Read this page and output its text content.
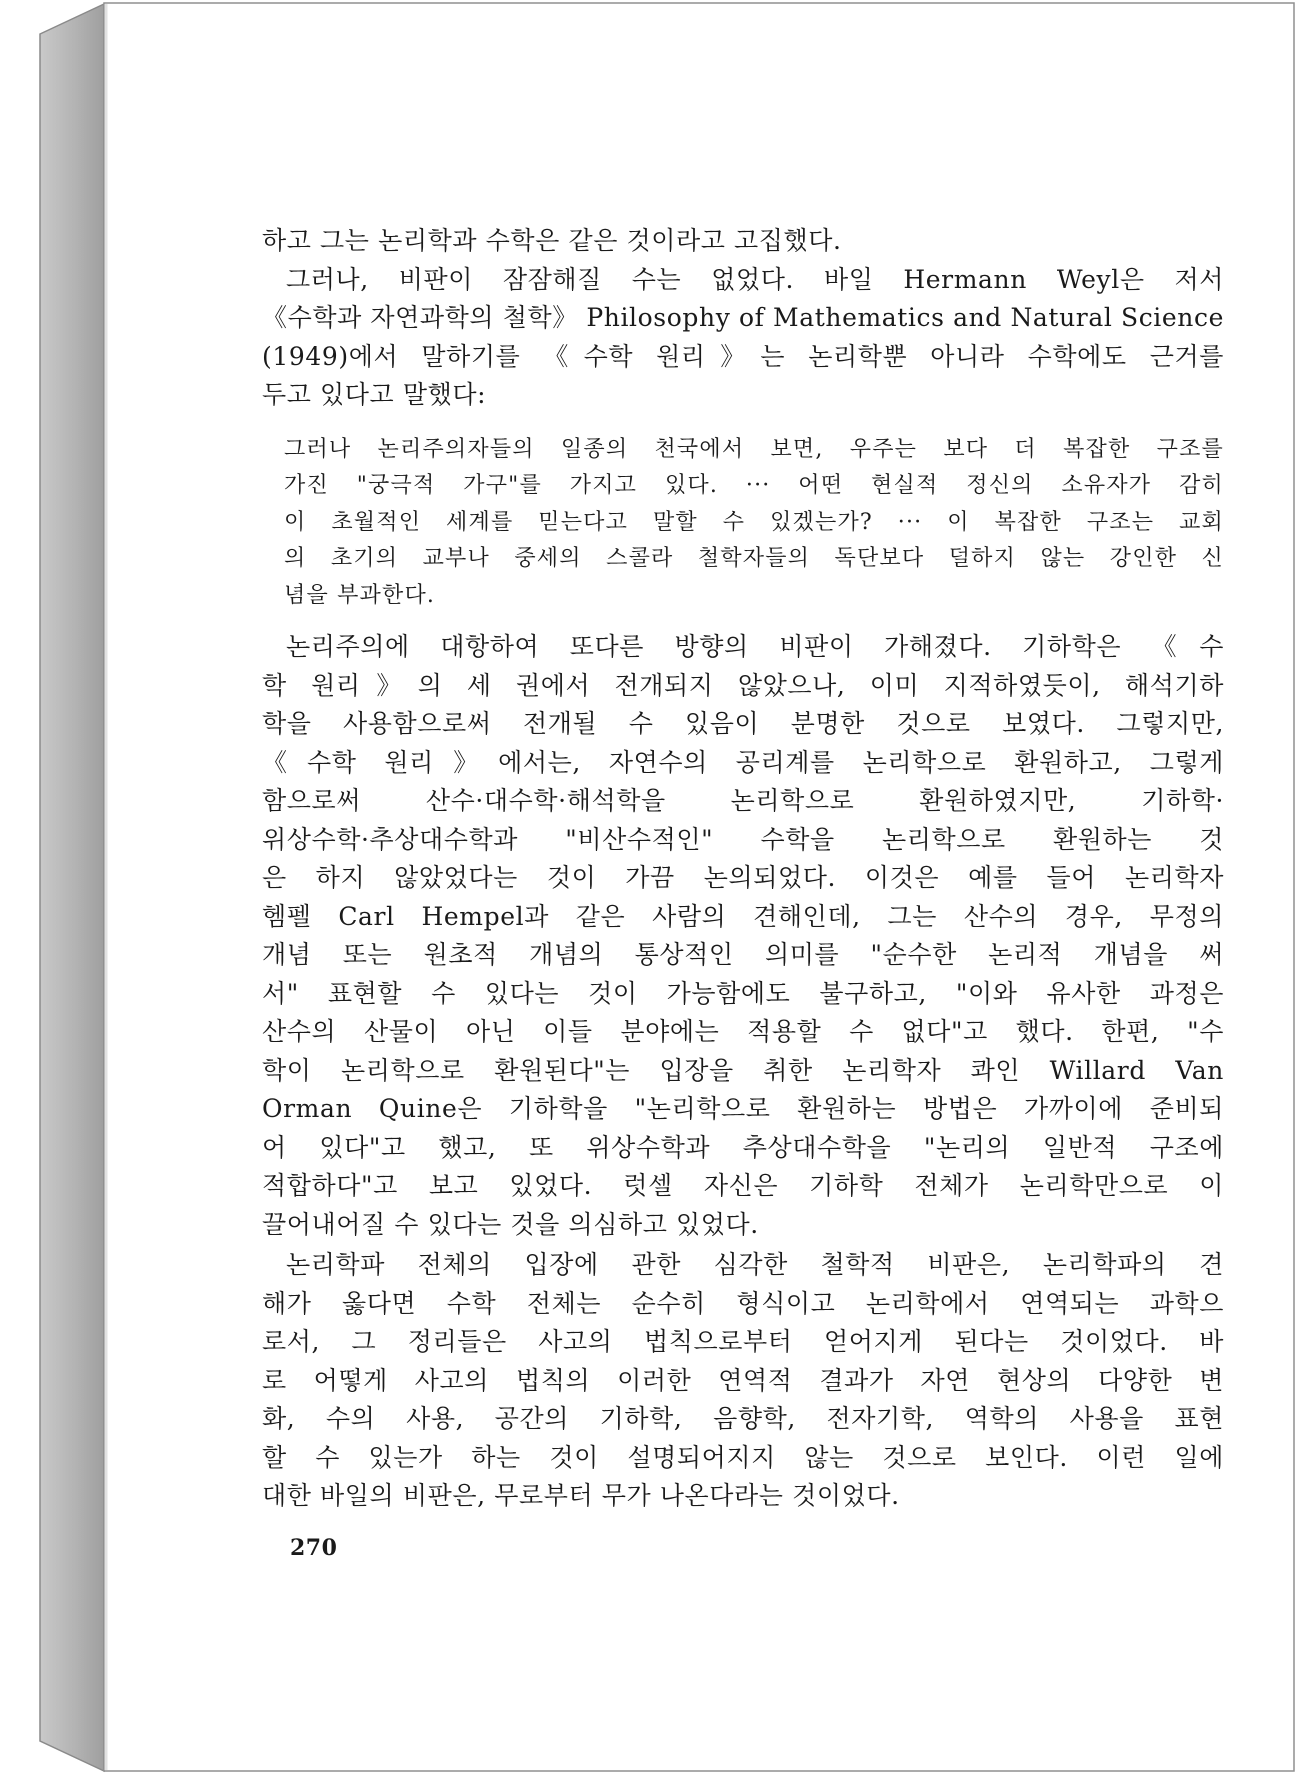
하고 그는 논리학과 수학은 같은 것이라고 고집했다.
그러나, 비판이 잠잠해질 수는 없었다. 바일 Hermann Weyl은 저서
《수학과 자연과학의 철학》 Philosophy of Mathematics and Natural Science
(1949)에서 말하기를 《수학 원리》는 논리학뿐 아니라 수학에도 근거를
두고 있다고 말했다:
그러나 논리주의자들의 일종의 천국에서 보면, 우주는 보다 더 복잡한 구조를
가진 "궁극적 가구"를 가지고 있다. ··· 어떤 현실적 정신의 소유자가 감히
이 초월적인 세계를 믿는다고 말할 수 있겠는가? ··· 이 복잡한 구조는 교회
의 초기의 교부나 중세의 스콜라 철학자들의 독단보다 덜하지 않는 강인한 신
념을 부과한다.
논리주의에 대항하여 또다른 방향의 비판이 가해졌다. 기하학은 《수
학 원리》의 세 권에서 전개되지 않았으나, 이미 지적하였듯이, 해석기하
학을 사용함으로써 전개될 수 있음이 분명한 것으로 보였다. 그렇지만,
《수학 원리》에서는, 자연수의 공리계를 논리학으로 환원하고, 그렇게
함으로써 산수·대수학·해석학을 논리학으로 환원하였지만, 기하학·
위상수학·추상대수학과 "비산수적인" 수학을 논리학으로 환원하는 것
은 하지 않았었다는 것이 가끔 논의되었다. 이것은 예를 들어 논리학자
헴펠 Carl Hempel과 같은 사람의 견해인데, 그는 산수의 경우, 무정의
개념 또는 원초적 개념의 통상적인 의미를 "순수한 논리적 개념을 써
서" 표현할 수 있다는 것이 가능함에도 불구하고, "이와 유사한 과정은
산수의 산물이 아닌 이들 분야에는 적용할 수 없다"고 했다. 한편, "수
학이 논리학으로 환원된다"는 입장을 취한 논리학자 콰인 Willard Van
Orman Quine은 기하학을 "논리학으로 환원하는 방법은 가까이에 준비되
어 있다"고 했고, 또 위상수학과 추상대수학을 "논리의 일반적 구조에
적합하다"고 보고 있었다. 럿셀 자신은 기하학 전체가 논리학만으로 이
끌어내어질 수 있다는 것을 의심하고 있었다.
논리학파 전체의 입장에 관한 심각한 철학적 비판은, 논리학파의 견
해가 옳다면 수학 전체는 순수히 형식이고 논리학에서 연역되는 과학으
로서, 그 정리들은 사고의 법칙으로부터 얻어지게 된다는 것이었다. 바
로 어떻게 사고의 법칙의 이러한 연역적 결과가 자연 현상의 다양한 변
화, 수의 사용, 공간의 기하학, 음향학, 전자기학, 역학의 사용을 표현
할 수 있는가 하는 것이 설명되어지지 않는 것으로 보인다. 이런 일에
대한 바일의 비판은, 무로부터 무가 나온다라는 것이었다.
270
